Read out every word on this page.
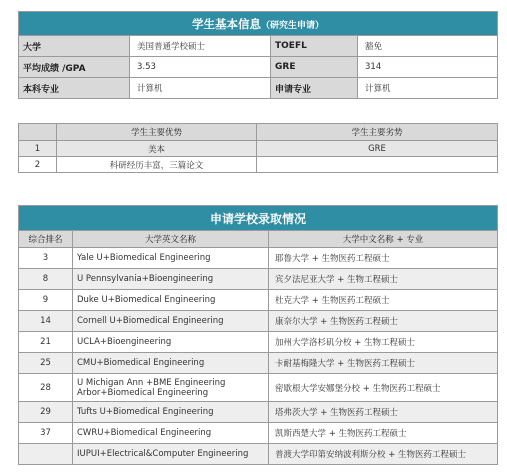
学生基本信息（研究生申请）			
大学	美国普通学校硕士	TOEFL	豁免
平均成绩 /GPA	3.53	GRE	314
本科专业	计算机	申请专业	计算机
	学生主要优势	学生主要劣势
1	美本	GRE
2	科研经历丰富，三篇论文	
申请学校录取情况		
综合排名	大学英文名称	大学中文名称 + 专业
3	Yale U+Biomedical Engineering	耶鲁大学 + 生物医药工程硕士
8	U Pennsylvania+Bioengineering	宾夕法尼亚大学 + 生物工程硕士
9	Duke U+Biomedical Engineering	杜克大学 + 生物医药工程硕士
14	Cornell U+Biomedical Engineering	康奈尔大学 + 生物医药工程硕士
21	UCLA+Bioengineering	加州大学洛杉矶分校 + 生物工程硕士
25	CMU+Biomedical Engineering	卡耐基梅隆大学 + 生物医药工程硕士
28	U Michigan Ann +BME Engineering
Arbor+Biomedical Engineering	密歇根大学安娜堡分校 + 生物医药工程硕士
29	Tufts U+Biomedical Engineering	塔弗茨大学 + 生物医药工程硕士
37	CWRU+Biomedical Engineering	凯斯西楚大学 + 生物医药工程硕士
	IUPUI+Electrical&Computer Engineering	普渡大学印第安纳波利斯分校 + 生物医药工程硕士
